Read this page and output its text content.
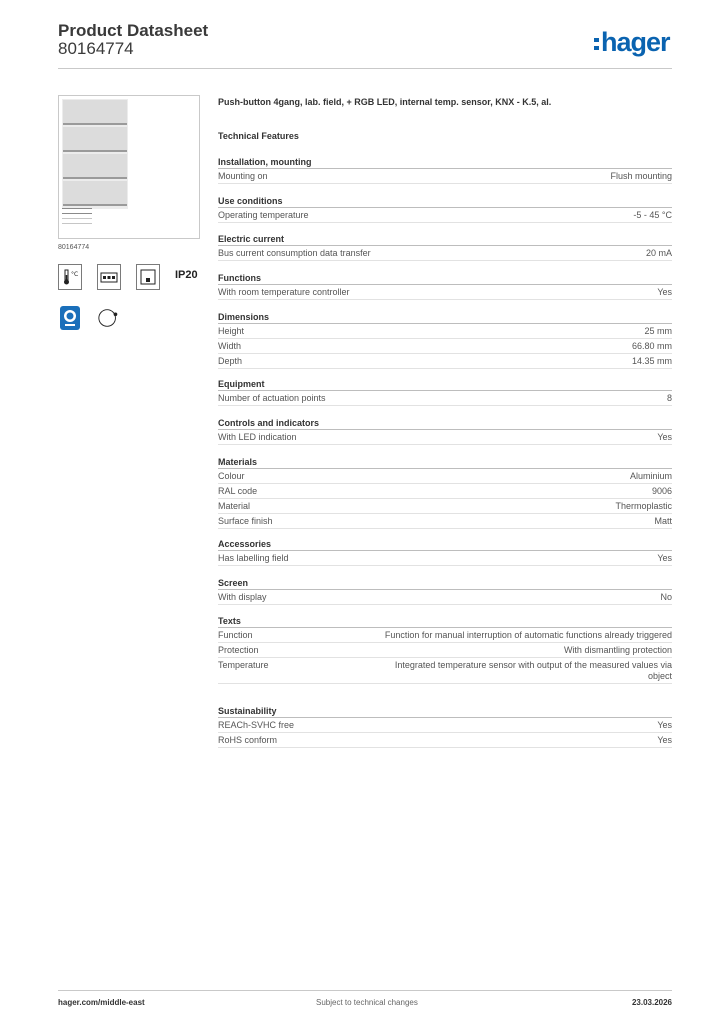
Product Datasheet
80164774	hager
80164774
°C	IP20
Push-button 4gang, lab. field, + RGB LED, internal temp. sensor, KNX - K.5, al.
Technical Features
Installation, mounting
Mounting on	Flush mounting
Use conditions
Operating temperature	-5 - 45 °C
Electric current
Bus current consumption data transfer	20 mA
Functions
With room temperature controller	Yes
Dimensions
Height	25 mm
Width	66.80 mm
Depth	14.35 mm
Equipment
Number of actuation points	8
Controls and indicators
With LED indication	Yes
Materials
Colour	Aluminium
RAL code	9006
Material	Thermoplastic
Surface finish	Matt
Accessories
Has labelling field	Yes
Screen
With display	No
Texts
Function	Function for manual interruption of automatic functions already triggered
Protection	With dismantling protection
Temperature	Integrated temperature sensor with output of the measured values via object
Sustainability
REACh-SVHC free	Yes
RoHS conform	Yes
hager.com/middle-east	Subject to technical changes	23.03.2026
